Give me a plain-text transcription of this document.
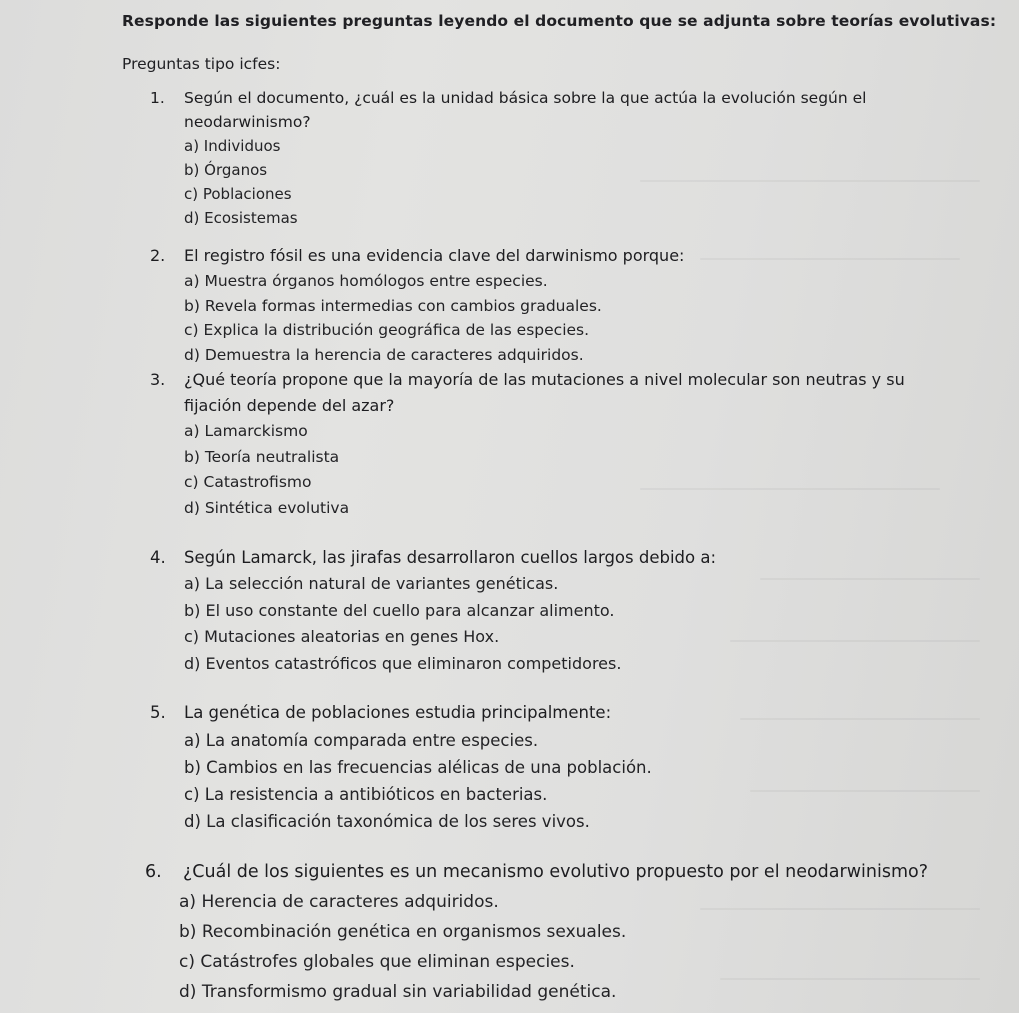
Responde las siguientes preguntas leyendo el documento que se adjunta sobre teorías evolutivas:
Preguntas tipo icfes:
1.	Según el documento, ¿cuál es la unidad básica sobre la que actúa la evolución según el neodarwinismo?
a) Individuos
b) Órganos
c) Poblaciones
d) Ecosistemas
2.	El registro fósil es una evidencia clave del darwinismo porque:
a) Muestra órganos homólogos entre especies.
b) Revela formas intermedias con cambios graduales.
c) Explica la distribución geográfica de las especies.
d) Demuestra la herencia de caracteres adquiridos.
3.	¿Qué teoría propone que la mayoría de las mutaciones a nivel molecular son neutras y su fijación depende del azar?
a) Lamarckismo
b) Teoría neutralista
c) Catastrofismo
d) Sintética evolutiva
4.	Según Lamarck, las jirafas desarrollaron cuellos largos debido a:
a) La selección natural de variantes genéticas.
b) El uso constante del cuello para alcanzar alimento.
c) Mutaciones aleatorias en genes Hox.
d) Eventos catastróficos que eliminaron competidores.
5.	La genética de poblaciones estudia principalmente:
a) La anatomía comparada entre especies.
b) Cambios en las frecuencias alélicas de una población.
c) La resistencia a antibióticos en bacterias.
d) La clasificación taxonómica de los seres vivos.
6.	¿Cuál de los siguientes es un mecanismo evolutivo propuesto por el neodarwinismo?
a) Herencia de caracteres adquiridos.
b) Recombinación genética en organismos sexuales.
c) Catástrofes globales que eliminan especies.
d) Transformismo gradual sin variabilidad genética.
